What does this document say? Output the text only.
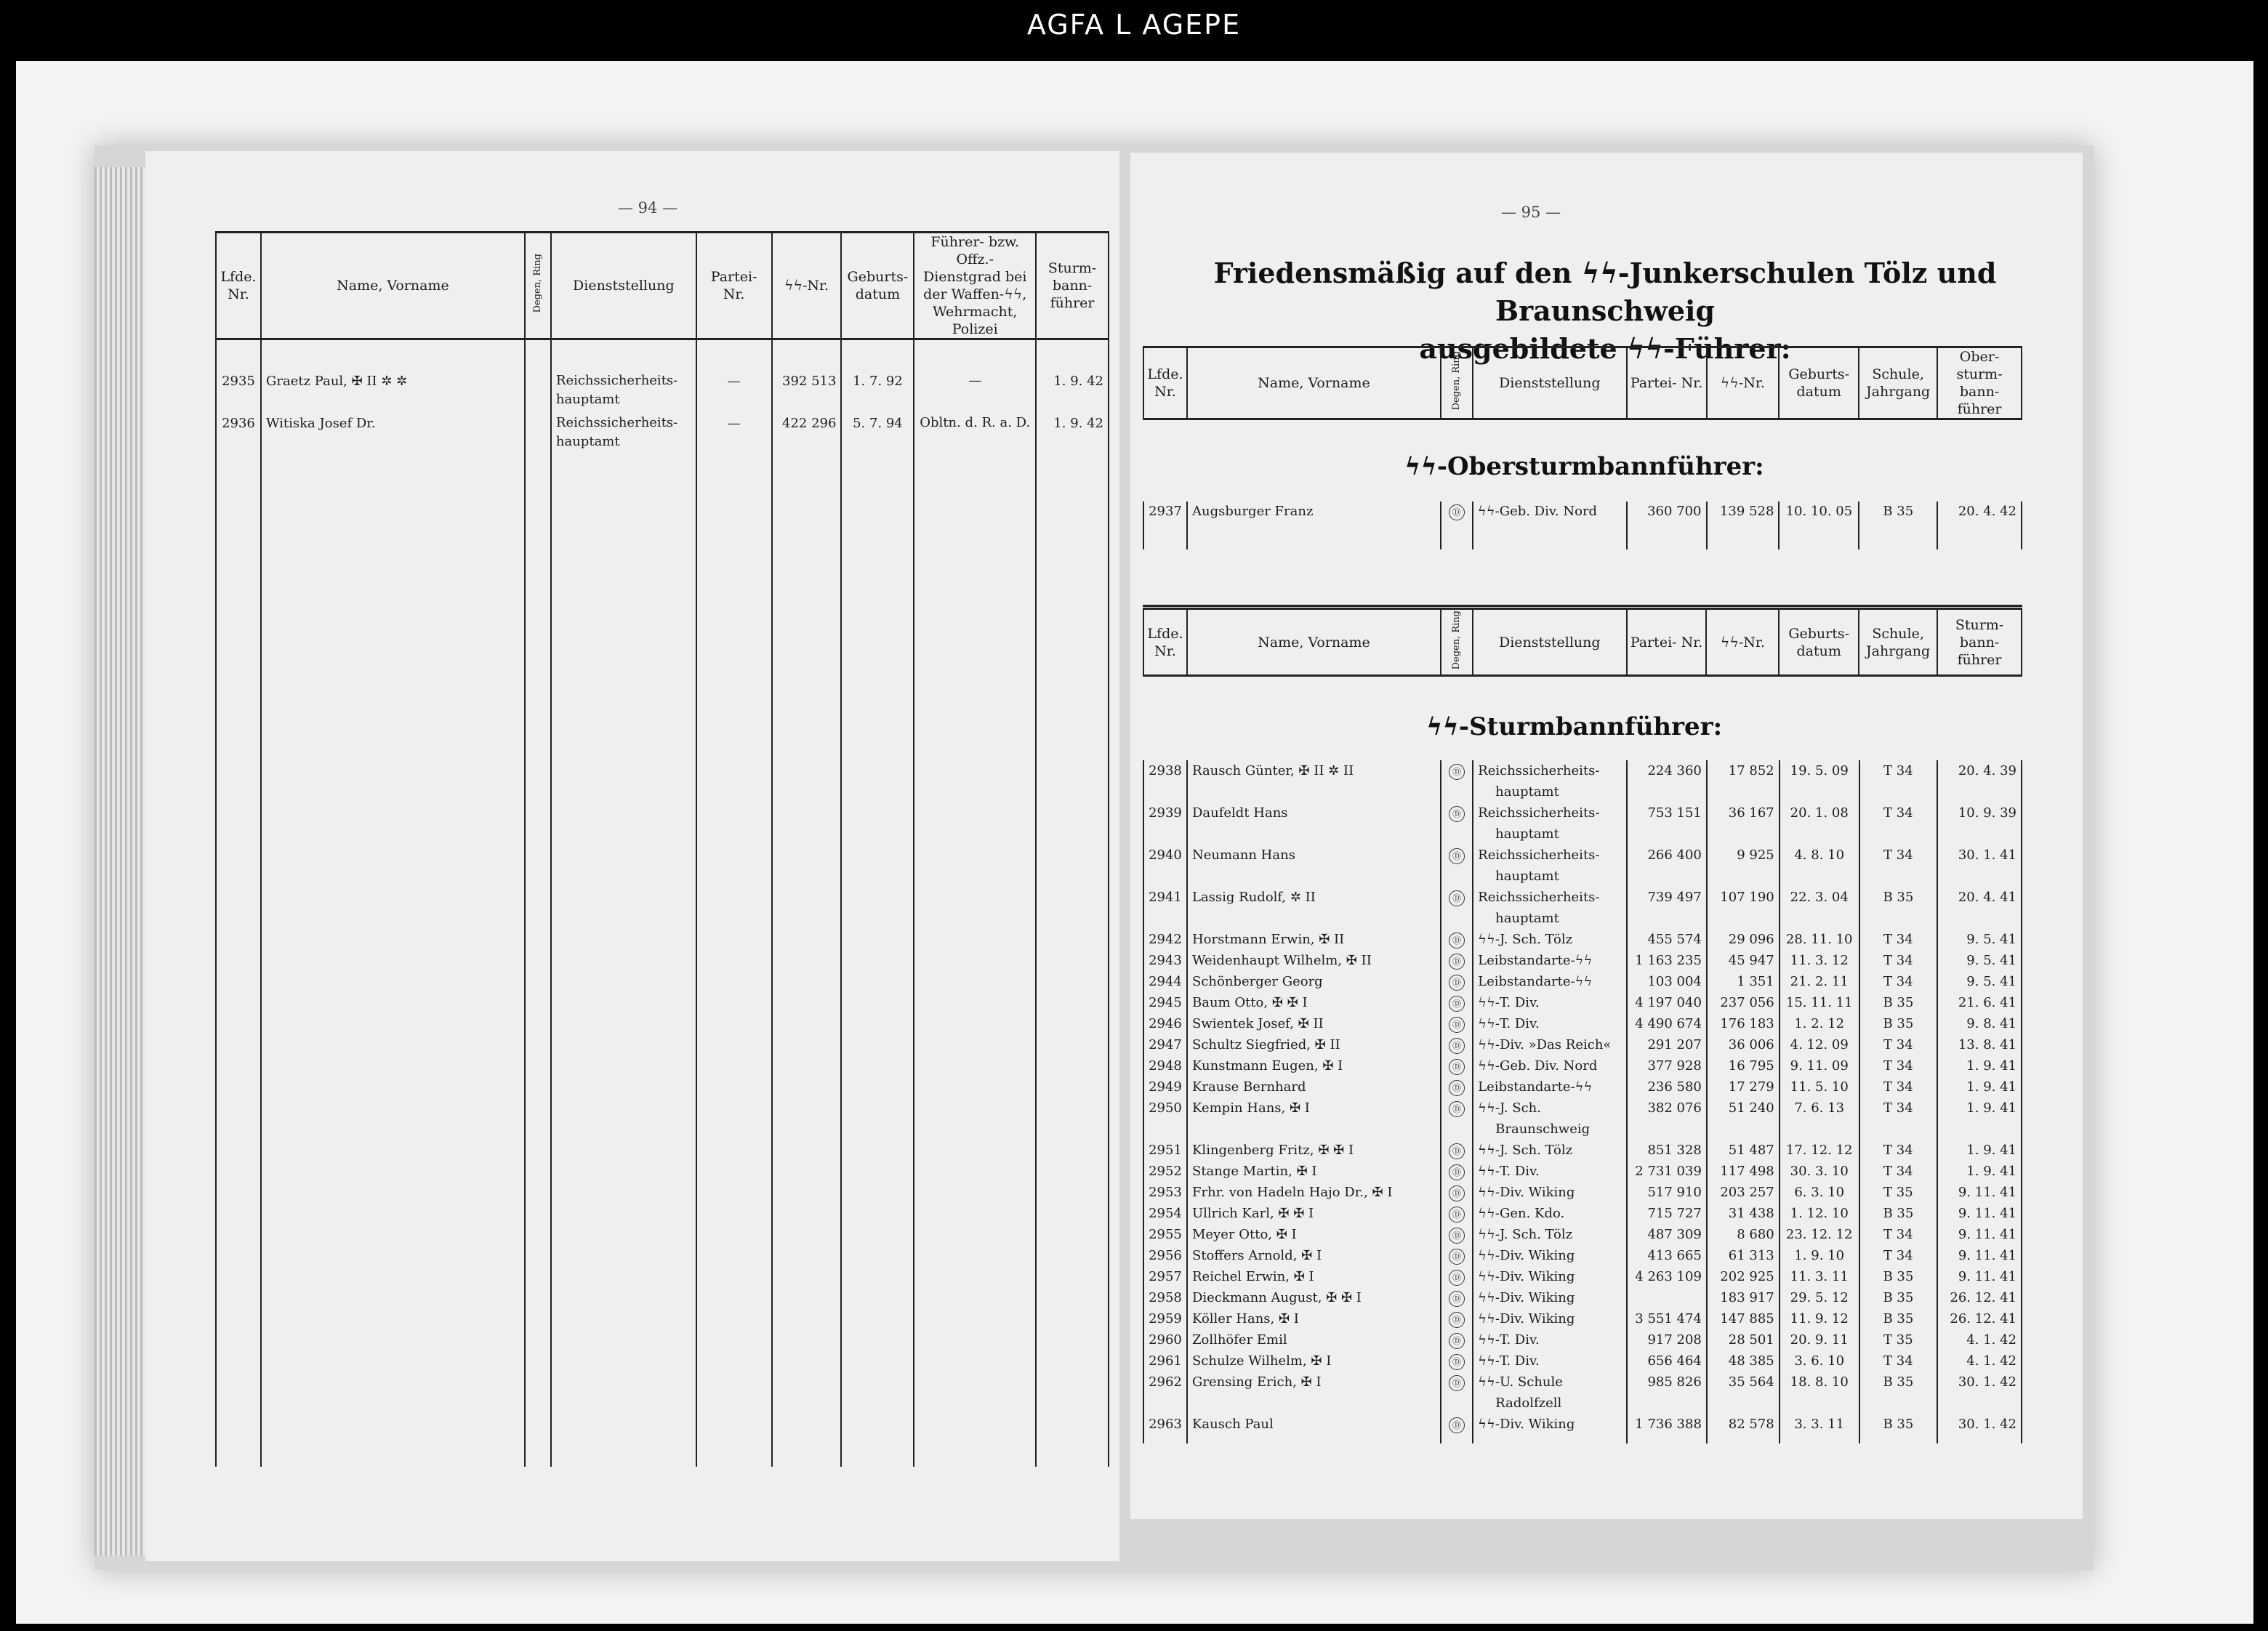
AGFA L AGEPE
— 94 —
Lfde. Nr.	Name, Vorname	Degen, Ring	Dienststellung	Partei- Nr.	ϟϟ-Nr.	Geburts- datum	Führer- bzw. Offz.- Dienstgrad bei der Waffen-ϟϟ, Wehrmacht, Polizei	Sturm- bann- führer

2935	Graetz Paul, ✠ II ✲ ✲		Reichssicherheits- hauptamt	—	392 513	1. 7. 92	—	1. 9. 42
2936	Witiska Josef Dr.		Reichssicherheits- hauptamt	—	422 296	5. 7. 94	Obltn. d. R. a. D.	1. 9. 42

— 95 —
Friedensmäßig auf den ϟϟ-Junkerschulen Tölz und Braunschweig
ausgebildete ϟϟ-Führer:
Lfde. Nr.	Name, Vorname	Degen, Ring	Dienststellung	Partei- Nr.	ϟϟ-Nr.	Geburts- datum	Schule, Jahrgang	Ober- sturm- bann- führer
ϟϟ-Obersturmbannführer:
2937	Augsburger Franz	Ⓓ	ϟϟ-Geb. Div. Nord	360 700	139 528	10. 10. 05	B 35	20. 4. 42

Lfde. Nr.	Name, Vorname	Degen, Ring	Dienststellung	Partei- Nr.	ϟϟ-Nr.	Geburts- datum	Schule, Jahrgang	Sturm- bann- führer
ϟϟ-Sturmbannführer:
2938	Rausch Günter, ✠ II ✲ II	Ⓓ	Reichssicherheits-
hauptamt	224 360	17 852	19. 5. 09	T 34	20. 4. 39
2939	Daufeldt Hans	Ⓓ	Reichssicherheits-
hauptamt	753 151	36 167	20. 1. 08	T 34	10. 9. 39
2940	Neumann Hans	Ⓓ	Reichssicherheits-
hauptamt	266 400	9 925	4. 8. 10	T 34	30. 1. 41
2941	Lassig Rudolf, ✲ II	Ⓓ	Reichssicherheits-
hauptamt	739 497	107 190	22. 3. 04	B 35	20. 4. 41
2942	Horstmann Erwin, ✠ II	Ⓓ	ϟϟ-J. Sch. Tölz	455 574	29 096	28. 11. 10	T 34	9. 5. 41
2943	Weidenhaupt Wilhelm, ✠ II	Ⓓ	Leibstandarte-ϟϟ	1 163 235	45 947	11. 3. 12	T 34	9. 5. 41
2944	Schönberger Georg	Ⓓ	Leibstandarte-ϟϟ	103 004	1 351	21. 2. 11	T 34	9. 5. 41
2945	Baum Otto, ✠ ✠ I	Ⓓ	ϟϟ-T. Div.	4 197 040	237 056	15. 11. 11	B 35	21. 6. 41
2946	Swientek Josef, ✠ II	Ⓓ	ϟϟ-T. Div.	4 490 674	176 183	1. 2. 12	B 35	9. 8. 41
2947	Schultz Siegfried, ✠ II	Ⓓ	ϟϟ-Div. »Das Reich«	291 207	36 006	4. 12. 09	T 34	13. 8. 41
2948	Kunstmann Eugen, ✠ I	Ⓓ	ϟϟ-Geb. Div. Nord	377 928	16 795	9. 11. 09	T 34	1. 9. 41
2949	Krause Bernhard	Ⓓ	Leibstandarte-ϟϟ	236 580	17 279	11. 5. 10	T 34	1. 9. 41
2950	Kempin Hans, ✠ I	Ⓓ	ϟϟ-J. Sch.
Braunschweig	382 076	51 240	7. 6. 13	T 34	1. 9. 41
2951	Klingenberg Fritz, ✠ ✠ I	Ⓓ	ϟϟ-J. Sch. Tölz	851 328	51 487	17. 12. 12	T 34	1. 9. 41
2952	Stange Martin, ✠ I	Ⓓ	ϟϟ-T. Div.	2 731 039	117 498	30. 3. 10	T 34	1. 9. 41
2953	Frhr. von Hadeln Hajo Dr., ✠ I	Ⓓ	ϟϟ-Div. Wiking	517 910	203 257	6. 3. 10	T 35	9. 11. 41
2954	Ullrich Karl, ✠ ✠ I	Ⓓ	ϟϟ-Gen. Kdo.	715 727	31 438	1. 12. 10	B 35	9. 11. 41
2955	Meyer Otto, ✠ I	Ⓓ	ϟϟ-J. Sch. Tölz	487 309	8 680	23. 12. 12	T 34	9. 11. 41
2956	Stoffers Arnold, ✠ I	Ⓓ	ϟϟ-Div. Wiking	413 665	61 313	1. 9. 10	T 34	9. 11. 41
2957	Reichel Erwin, ✠ I	Ⓓ	ϟϟ-Div. Wiking	4 263 109	202 925	11. 3. 11	B 35	9. 11. 41
2958	Dieckmann August, ✠ ✠ I	Ⓓ	ϟϟ-Div. Wiking		183 917	29. 5. 12	B 35	26. 12. 41
2959	Köller Hans, ✠ I	Ⓓ	ϟϟ-Div. Wiking	3 551 474	147 885	11. 9. 12	B 35	26. 12. 41
2960	Zollhöfer Emil	Ⓓ	ϟϟ-T. Div.	917 208	28 501	20. 9. 11	T 35	4. 1. 42
2961	Schulze Wilhelm, ✠ I	Ⓓ	ϟϟ-T. Div.	656 464	48 385	3. 6. 10	T 34	4. 1. 42
2962	Grensing Erich, ✠ I	Ⓓ	ϟϟ-U. Schule
Radolfzell	985 826	35 564	18. 8. 10	B 35	30. 1. 42
2963	Kausch Paul	Ⓓ	ϟϟ-Div. Wiking	1 736 388	82 578	3. 3. 11	B 35	30. 1. 42
